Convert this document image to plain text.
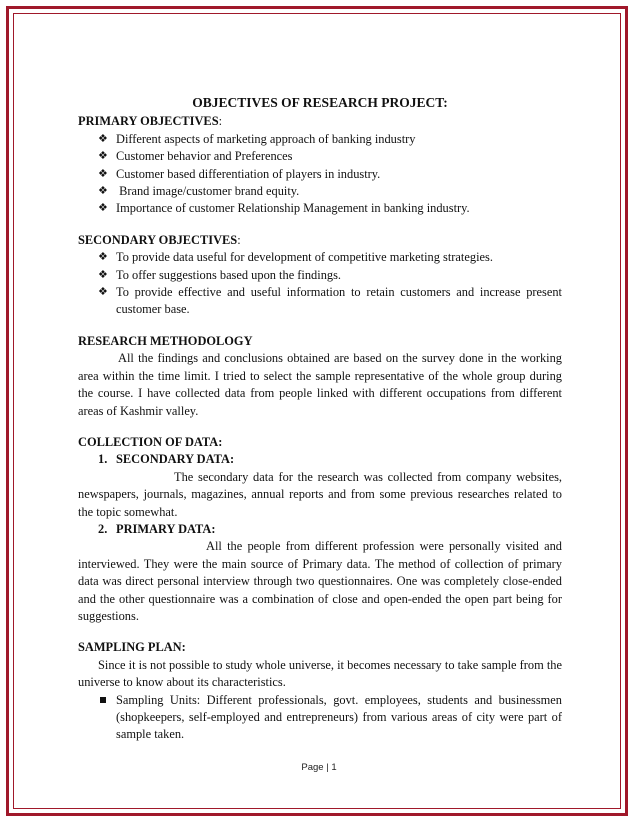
OBJECTIVES OF RESEARCH PROJECT:

PRIMARY OBJECTIVES:

❖ Different aspects of marketing approach of banking industry
❖ Customer behavior and Preferences
❖ Customer based differentiation of players in industry.
❖ Brand image/customer brand equity.
❖ Importance of customer Relationship Management in banking industry.

SECONDARY OBJECTIVES:

❖ To provide data useful for development of competitive marketing strategies.
❖ To offer suggestions based upon the findings.
❖ To provide effective and useful information to retain customers and increase present customer base.

RESEARCH METHODOLOGY

All the findings and conclusions obtained are based on the survey done in the working area within the time limit. I tried to select the sample representative of the whole group during the course. I have collected data from people linked with different occupations from different areas of Kashmir valley.

COLLECTION OF DATA:

1. SECONDARY DATA:

The secondary data for the research was collected from company websites, newspapers, journals, magazines, annual reports and from some previous researches related to the topic somewhat.

2. PRIMARY DATA:

All the people from different profession were personally visited and interviewed. They were the main source of Primary data. The method of collection of primary data was direct personal interview through two questionnaires. One was completely close-ended and the other questionnaire was a combination of close and open-ended the open part being for suggestions.

SAMPLING PLAN:

Since it is not possible to study whole universe, it becomes necessary to take sample from the universe to know about its characteristics.

Sampling Units: Different professionals, govt. employees, students and businessmen (shopkeepers, self-employed and entrepreneurs) from various areas of city were part of sample taken.
Page | 1
